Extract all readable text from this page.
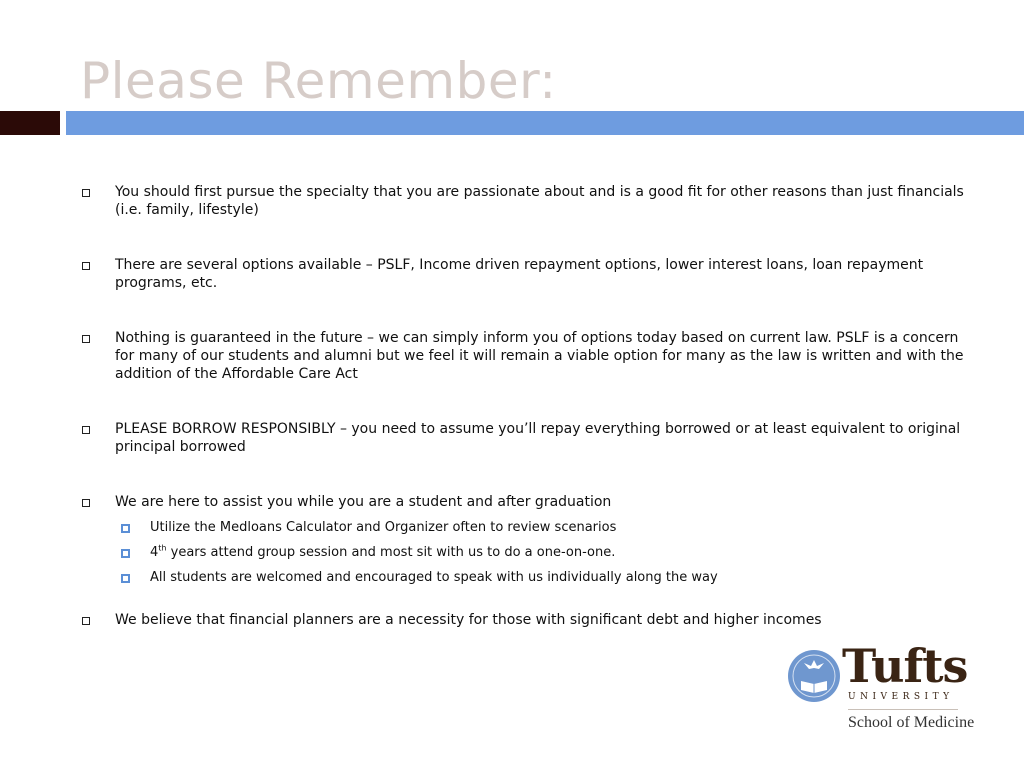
Please Remember:
You should first pursue the specialty that you are passionate about and is a good fit for other reasons than just financials (i.e. family, lifestyle)
There are several options available – PSLF, Income driven repayment options, lower interest loans, loan repayment programs, etc.
Nothing is guaranteed in the future – we can simply inform you of options today based on current law. PSLF is a concern for many of our students and alumni but we feel it will remain a viable option for many as the law is written and with the addition of the Affordable Care Act
PLEASE BORROW RESPONSIBLY – you need to assume you’ll repay everything borrowed or at least equivalent to original principal borrowed
We are here to assist you while you are a student and after graduation
Utilize the Medloans Calculator and Organizer often to review scenarios
4th years attend group session and most sit with us to do a one-on-one.
All students are welcomed and encouraged to speak with us individually along the way
We believe that financial planners are a necessity for those with significant debt and higher incomes
Tufts
UNIVERSITY
School of Medicine
